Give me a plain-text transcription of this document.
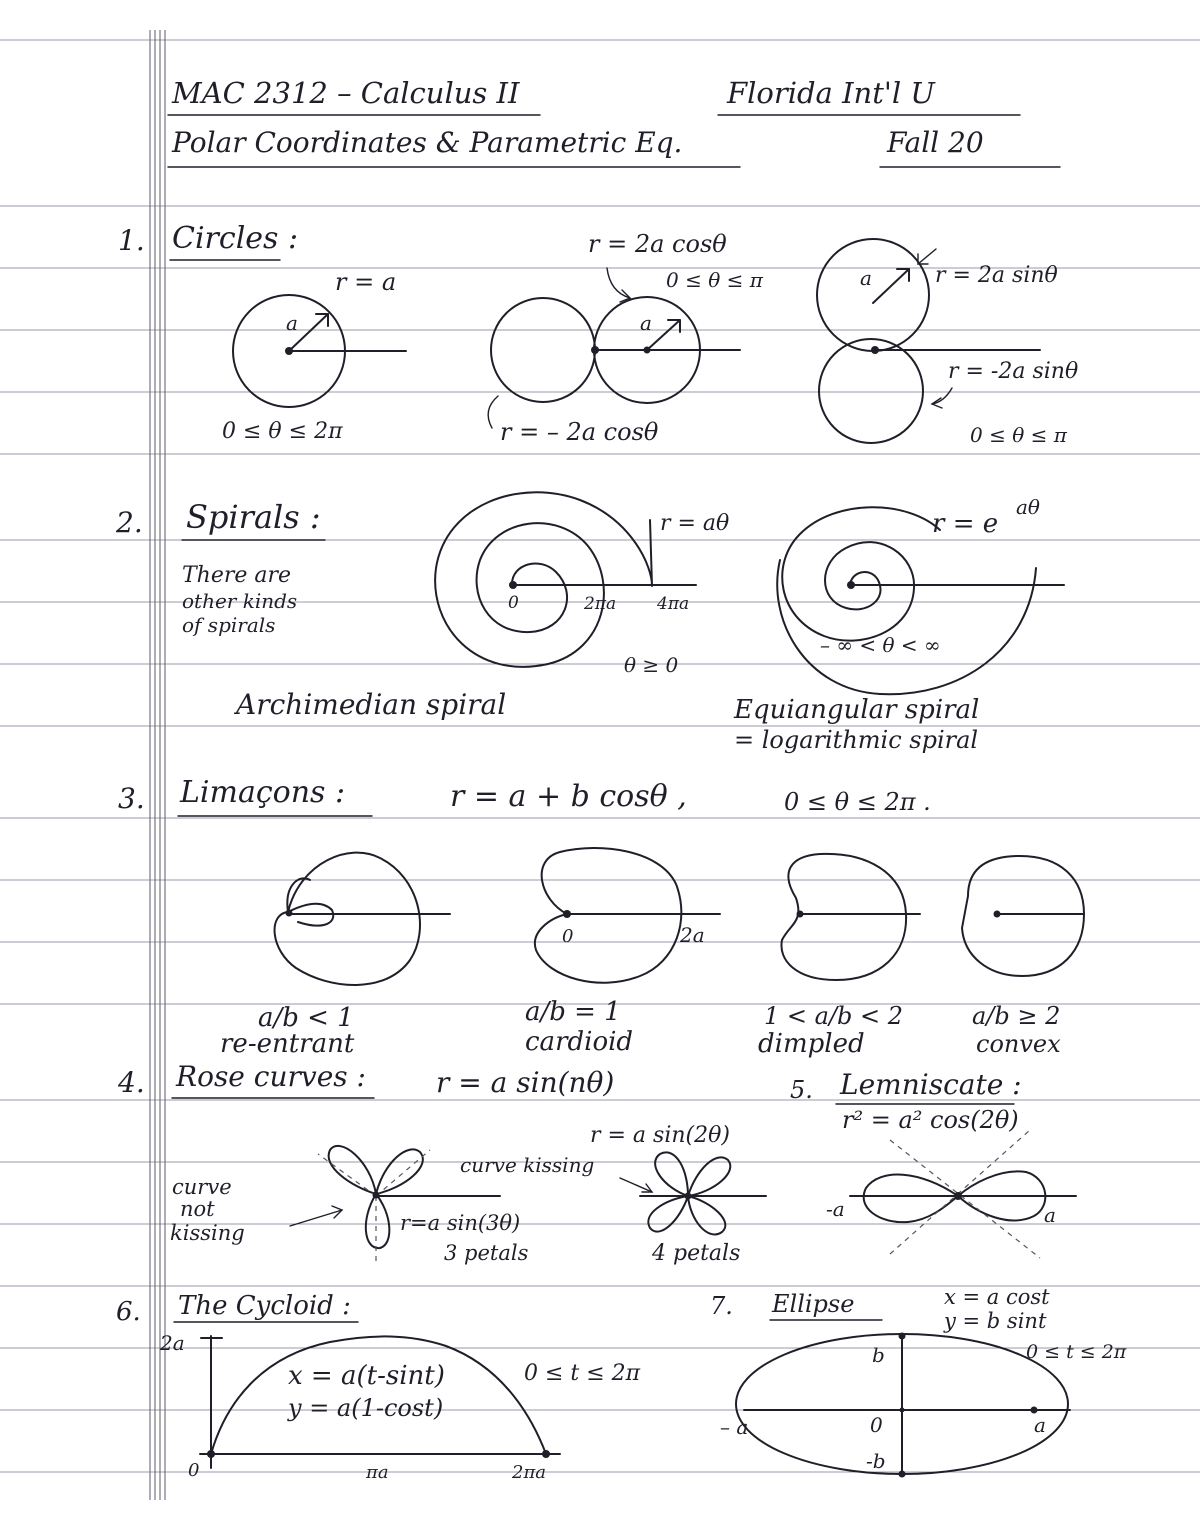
MAC 2312 – Calculus II	Florida Int'l U
Polar Coordinates & Parametric Eq.	Fall 20
1. Circles :
r = a
a
0 ≤ θ ≤ 2π
r = 2a cosθ
0 ≤ θ ≤ π
a
r = – 2a cosθ
a	r = 2a sinθ
r = -2a sinθ
0 ≤ θ ≤ π
2. Spirals :
There are
other kinds
of spirals
r = aθ
0	2πa 4πa
θ ≥ 0
Archimedian spiral
r = e
aθ
– ∞ < θ < ∞
Equiangular spiral
= logarithmic spiral
3. Limaçons :	r = a + b cosθ ,	0 ≤ θ ≤ 2π .
a/b < 1
re-entrant
0	2a
a/b = 1
cardioid
1 < a/b < 2
dimpled
a/b ≥ 2
convex
4. Rose curves :	r = a sin(nθ)
curve
not
kissing	r=a sin(3θ)
3 petals
r = a sin(2θ)
curve kissing
4 petals
5. Lemniscate :
r² = a² cos(2θ)
-a	a
6. The Cycloid :
2a
0	πa	2πa
x = a(t-sint)
y = a(1-cost)
0 ≤ t ≤ 2π
7. Ellipse	x = a cost
y = b sint
0 ≤ t ≤ 2π
b
0
-b
– a	a
